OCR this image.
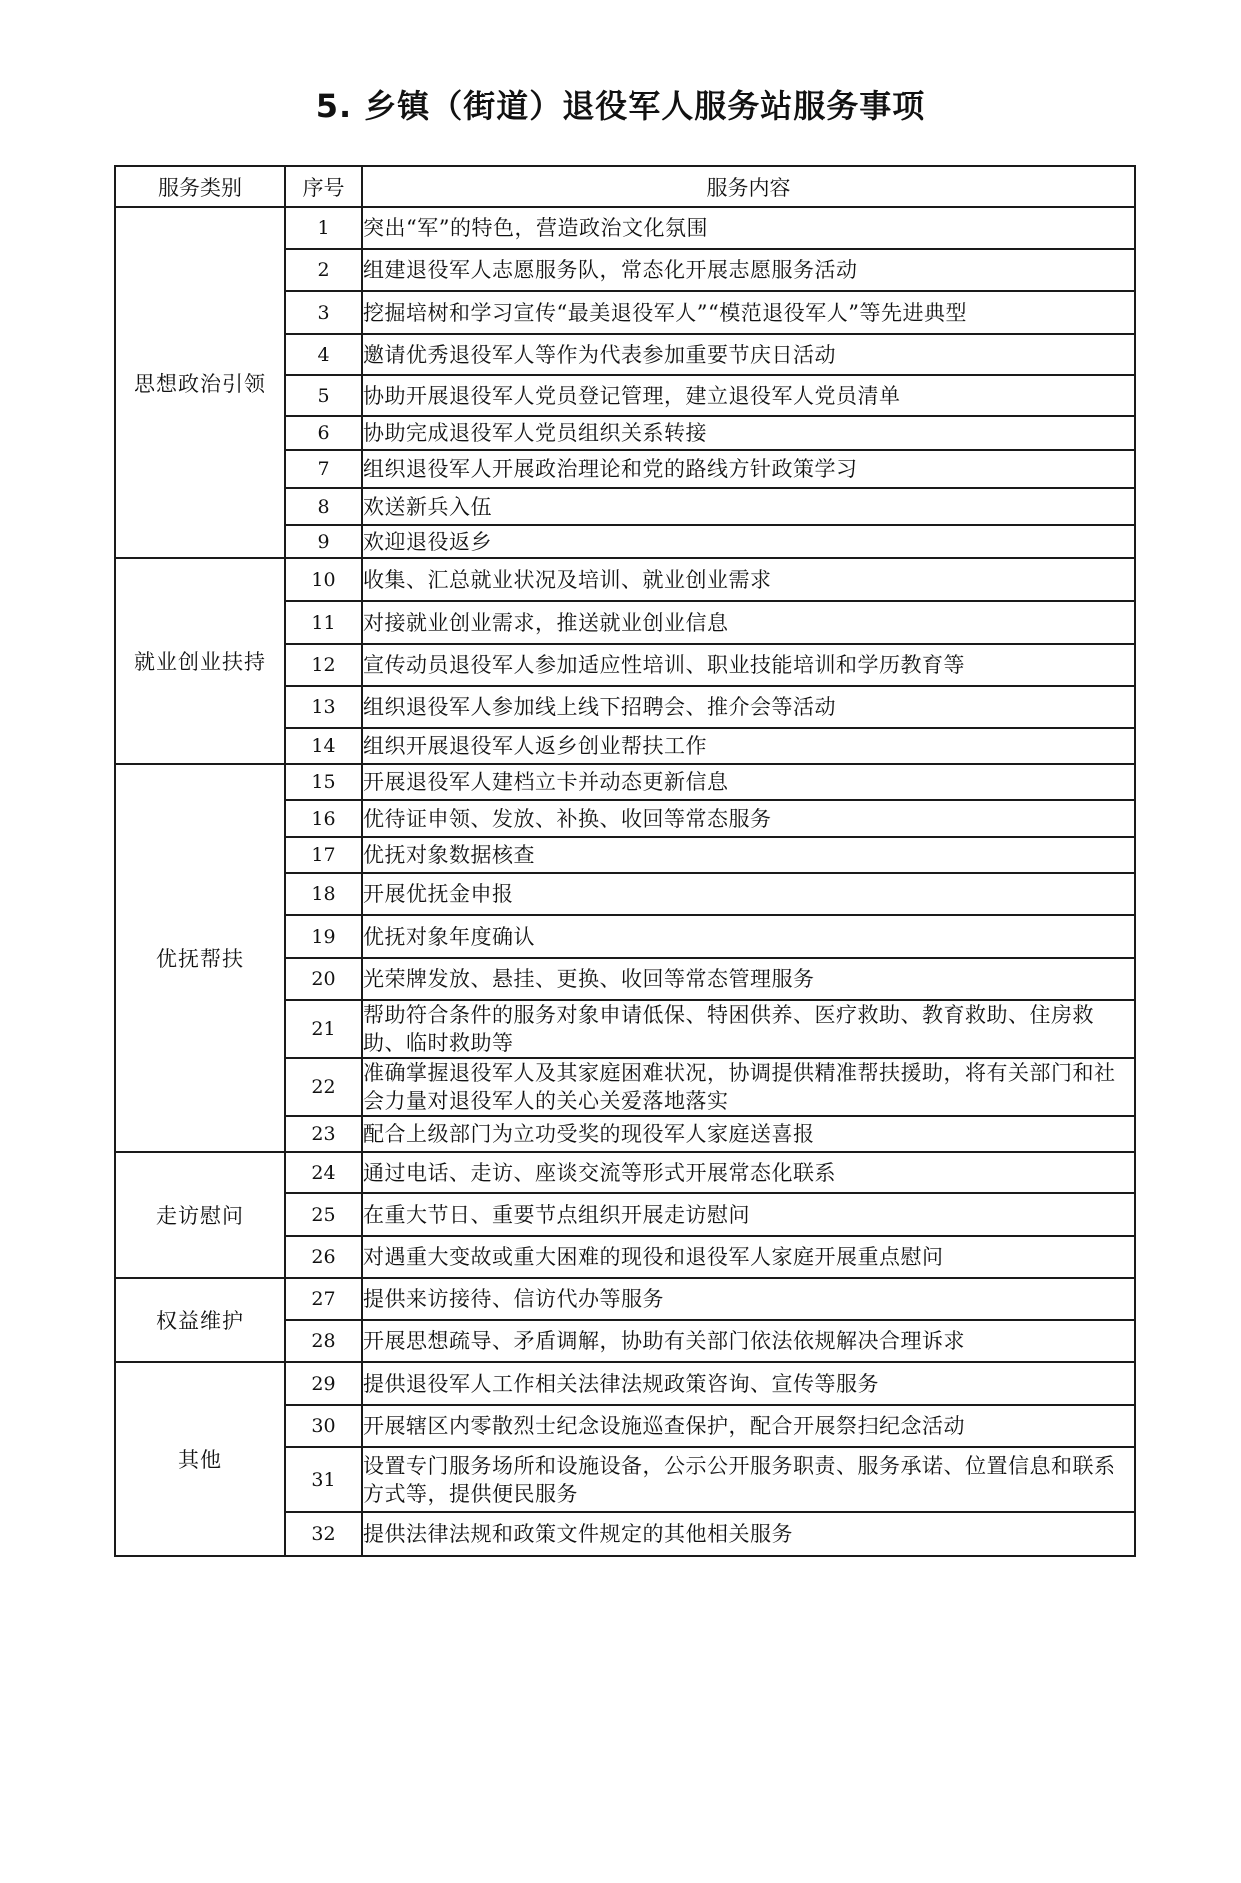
5. 乡镇（街道）退役军人服务站服务事项
服务类别	序号	服务内容
思想政治引领	1	突出“军”的特色，营造政治文化氛围
	2	组建退役军人志愿服务队，常态化开展志愿服务活动
	3	挖掘培树和学习宣传“最美退役军人”“模范退役军人”等先进典型
	4	邀请优秀退役军人等作为代表参加重要节庆日活动
	5	协助开展退役军人党员登记管理，建立退役军人党员清单
	6	协助完成退役军人党员组织关系转接
	7	组织退役军人开展政治理论和党的路线方针政策学习
	8	欢送新兵入伍
	9	欢迎退役返乡
就业创业扶持	10	收集、汇总就业状况及培训、就业创业需求
	11	对接就业创业需求，推送就业创业信息
	12	宣传动员退役军人参加适应性培训、职业技能培训和学历教育等
	13	组织退役军人参加线上线下招聘会、推介会等活动
	14	组织开展退役军人返乡创业帮扶工作
优抚帮扶	15	开展退役军人建档立卡并动态更新信息
	16	优待证申领、发放、补换、收回等常态服务
	17	优抚对象数据核查
	18	开展优抚金申报
	19	优抚对象年度确认
	20	光荣牌发放、悬挂、更换、收回等常态管理服务
	21	帮助符合条件的服务对象申请低保、特困供养、医疗救助、教育救助、住房救助、临时救助等
	22	准确掌握退役军人及其家庭困难状况，协调提供精准帮扶援助，将有关部门和社会力量对退役军人的关心关爱落地落实
	23	配合上级部门为立功受奖的现役军人家庭送喜报
走访慰问	24	通过电话、走访、座谈交流等形式开展常态化联系
	25	在重大节日、重要节点组织开展走访慰问
	26	对遇重大变故或重大困难的现役和退役军人家庭开展重点慰问
权益维护	27	提供来访接待、信访代办等服务
	28	开展思想疏导、矛盾调解，协助有关部门依法依规解决合理诉求
其他	29	提供退役军人工作相关法律法规政策咨询、宣传等服务
	30	开展辖区内零散烈士纪念设施巡查保护，配合开展祭扫纪念活动
	31	设置专门服务场所和设施设备，公示公开服务职责、服务承诺、位置信息和联系方式等，提供便民服务
	32	提供法律法规和政策文件规定的其他相关服务
